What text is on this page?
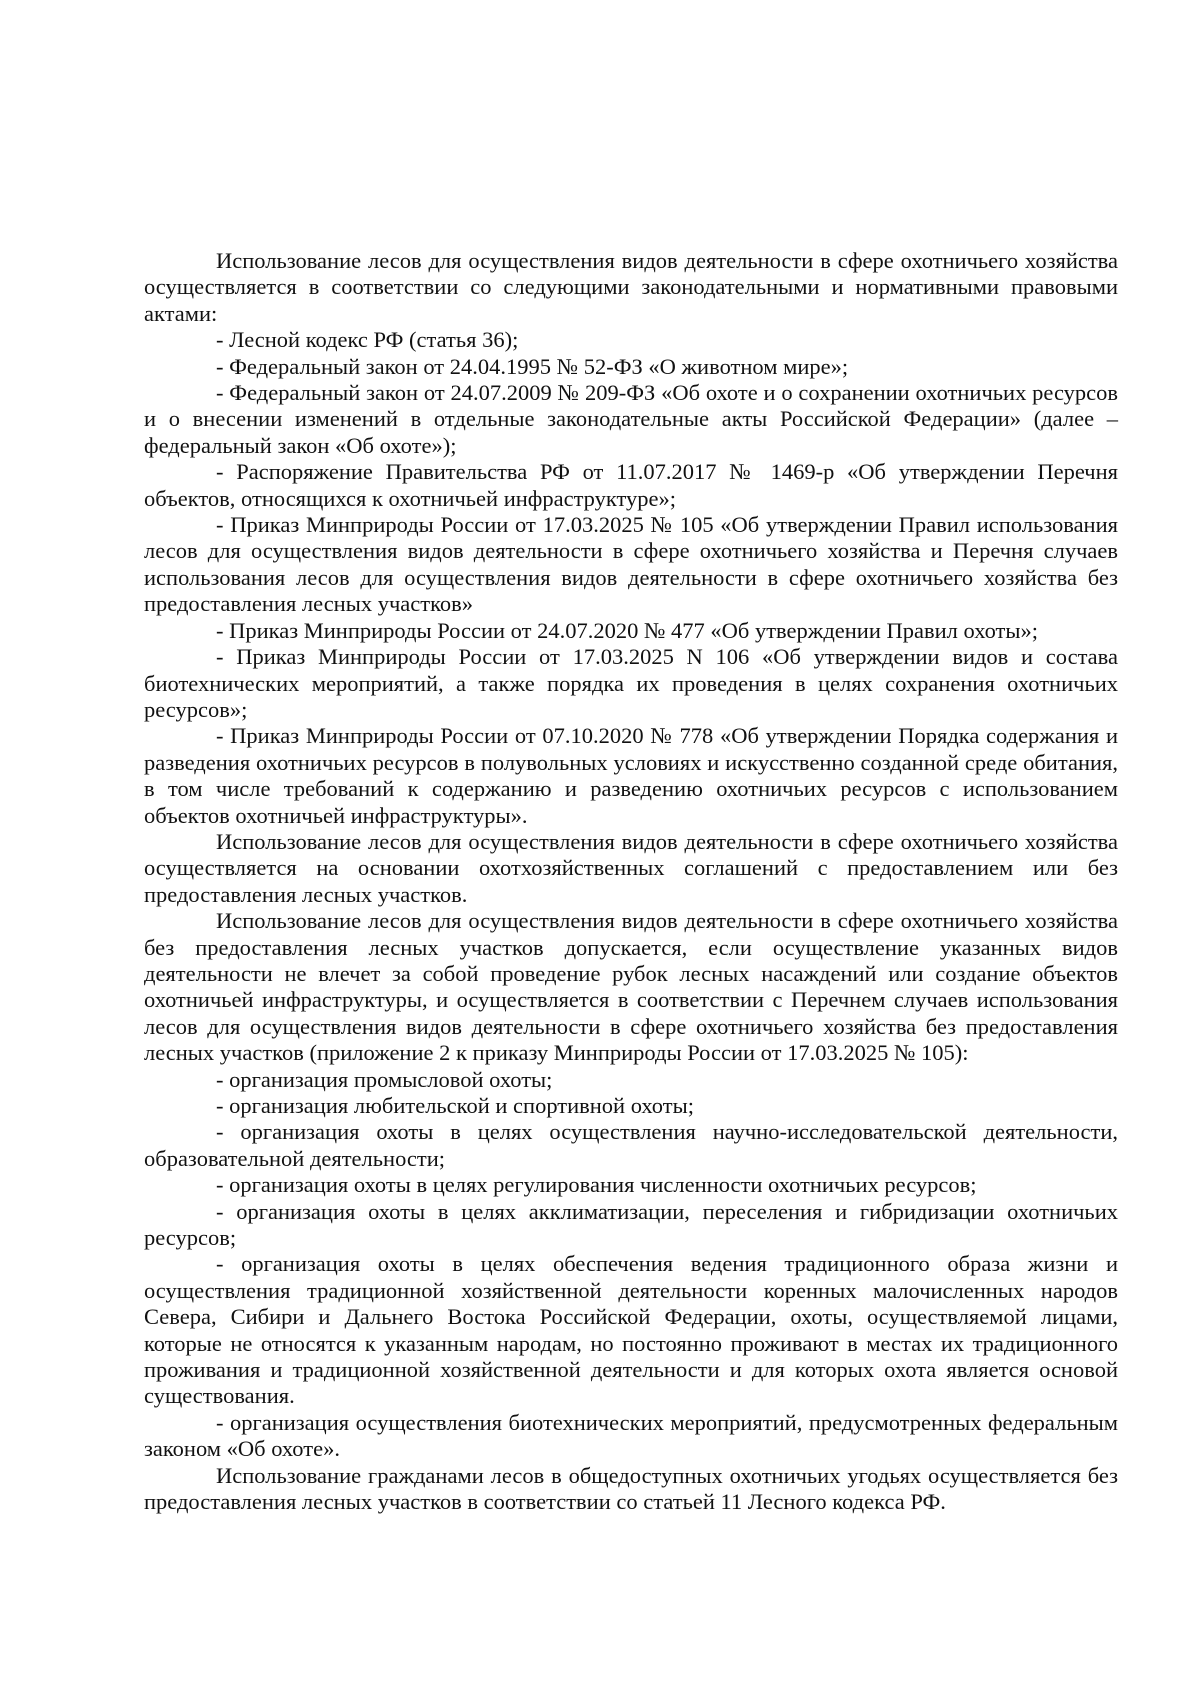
Использование лесов для осуществления видов деятельности в сфере охотничьего хозяйства осуществляется в соответствии со следующими законодательными и нормативными правовыми актами:

- Лесной кодекс РФ (статья 36);

- Федеральный закон от 24.04.1995 № 52-ФЗ «О животном мире»;

- Федеральный закон от 24.07.2009 № 209-ФЗ «Об охоте и о сохранении охотничьих ресурсов и о внесении изменений в отдельные законодательные акты Российской Федерации» (далее – федеральный закон «Об охоте»);

- Распоряжение Правительства РФ от 11.07.2017 № 1469-р «Об утверждении Перечня объектов, относящихся к охотничьей инфраструктуре»;

- Приказ Минприроды России от 17.03.2025 № 105 «Об утверждении Правил использования лесов для осуществления видов деятельности в сфере охотничьего хозяйства и Перечня случаев использования лесов для осуществления видов деятельности в сфере охотничьего хозяйства без предоставления лесных участков»

- Приказ Минприроды России от 24.07.2020 № 477 «Об утверждении Правил охоты»;

- Приказ Минприроды России от 17.03.2025 N 106 «Об утверждении видов и состава биотехнических мероприятий, а также порядка их проведения в целях сохранения охотничьих ресурсов»;

- Приказ Минприроды России от 07.10.2020 № 778 «Об утверждении Порядка содержания и разведения охотничьих ресурсов в полувольных условиях и искусственно созданной среде обитания, в том числе требований к содержанию и разведению охотничьих ресурсов с использованием объектов охотничьей инфраструктуры».

Использование лесов для осуществления видов деятельности в сфере охотничьего хозяйства осуществляется на основании охотхозяйственных соглашений с предоставлением или без предоставления лесных участков.

Использование лесов для осуществления видов деятельности в сфере охотничьего хозяйства без предоставления лесных участков допускается, если осуществление указанных видов деятельности не влечет за собой проведение рубок лесных насаждений или создание объектов охотничьей инфраструктуры, и осуществляется в соответствии с Перечнем случаев использования лесов для осуществления видов деятельности в сфере охотничьего хозяйства без предоставления лесных участков (приложение 2 к приказу Минприроды России от 17.03.2025 № 105):

- организация промысловой охоты;

- организация любительской и спортивной охоты;

- организация охоты в целях осуществления научно-исследовательской деятельности, образовательной деятельности;

- организация охоты в целях регулирования численности охотничьих ресурсов;

- организация охоты в целях акклиматизации, переселения и гибридизации охотничьих ресурсов;

- организация охоты в целях обеспечения ведения традиционного образа жизни и осуществления традиционной хозяйственной деятельности коренных малочисленных народов Севера, Сибири и Дальнего Востока Российской Федерации, охоты, осуществляемой лицами, которые не относятся к указанным народам, но постоянно проживают в местах их традиционного проживания и традиционной хозяйственной деятельности и для которых охота является основой существования.

- организация осуществления биотехнических мероприятий, предусмотренных федеральным законом «Об охоте».

Использование гражданами лесов в общедоступных охотничьих угодьях осуществляется без предоставления лесных участков в соответствии со статьей 11 Лесного кодекса РФ.
